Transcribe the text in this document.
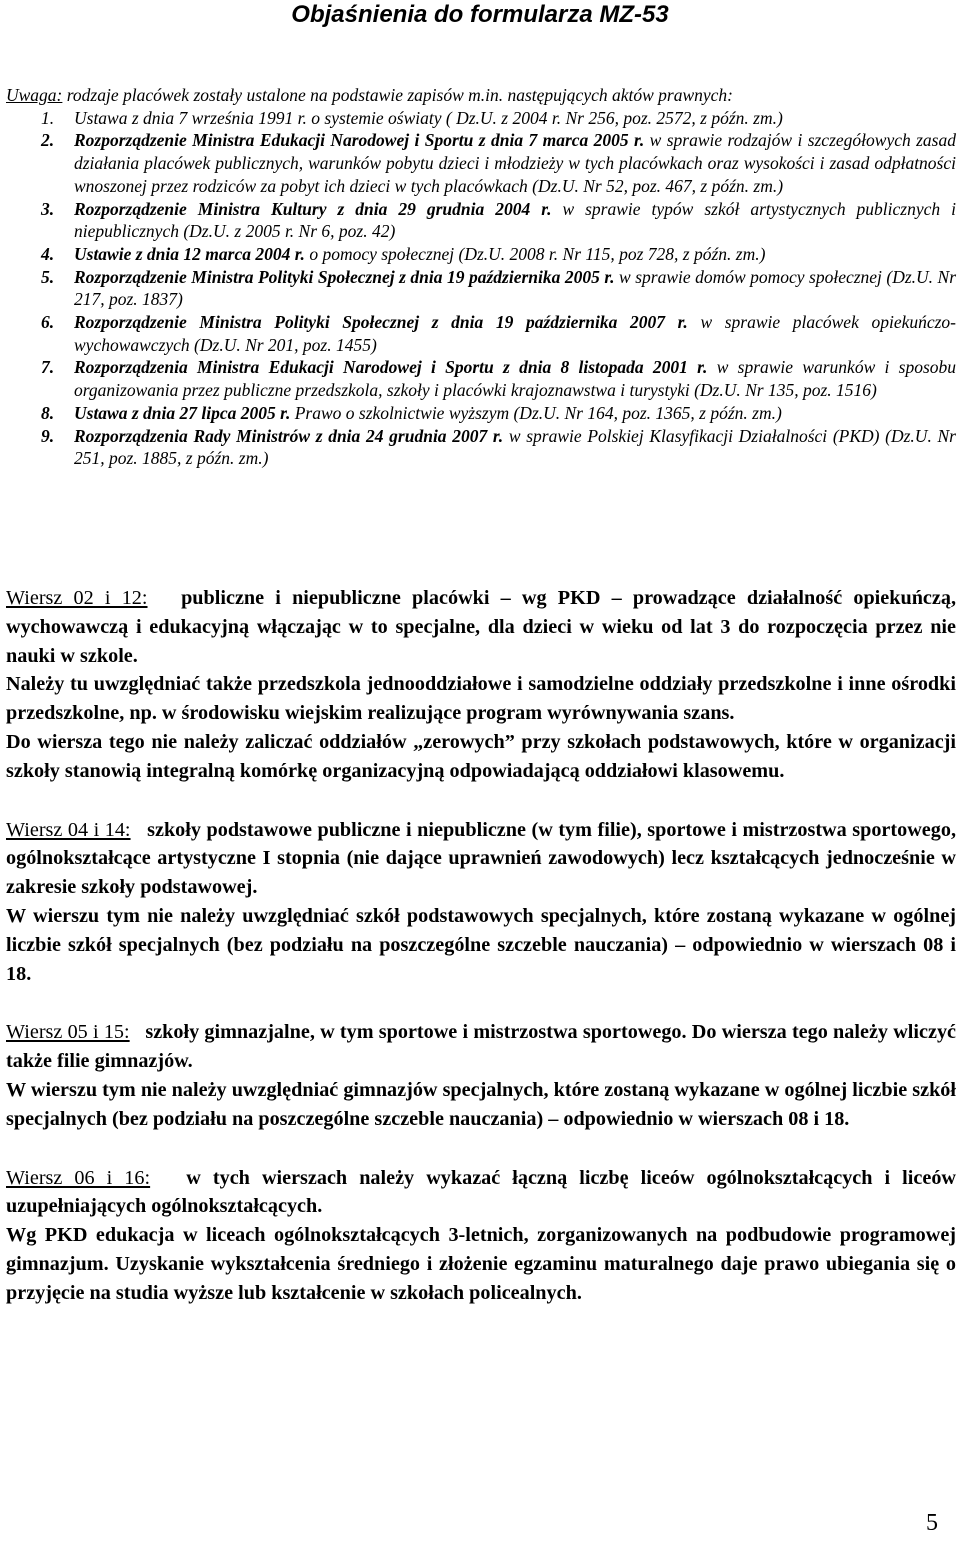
Objaśnienia do formularza MZ-53
Uwaga: rodzaje placówek zostały ustalone na podstawie zapisów m.in. następujących aktów prawnych:
1.	Ustawa z dnia 7 września 1991 r. o systemie oświaty ( Dz.U. z 2004 r. Nr 256, poz. 2572, z późn. zm.)
2.	Rozporządzenie Ministra Edukacji Narodowej i Sportu z dnia 7 marca 2005 r. w sprawie rodzajów i szczegółowych zasad działania placówek publicznych, warunków pobytu dzieci i młodzieży w tych placówkach oraz wysokości i zasad odpłatności wnoszonej przez rodziców za pobyt ich dzieci w tych placówkach (Dz.U. Nr 52, poz. 467, z późn. zm.)
3.	Rozporządzenie Ministra Kultury z dnia 29 grudnia 2004 r. w sprawie typów szkół artystycznych publicznych i niepublicznych (Dz.U. z 2005 r. Nr 6, poz. 42)
4.	Ustawie z dnia 12 marca 2004 r. o pomocy społecznej (Dz.U. 2008 r. Nr 115, poz 728, z późn. zm.)
5.	Rozporządzenie Ministra Polityki Społecznej z dnia 19 października 2005 r. w sprawie domów pomocy społecznej (Dz.U. Nr 217, poz. 1837)
6.	Rozporządzenie Ministra Polityki Społecznej z dnia 19 października 2007 r. w sprawie placówek opiekuńczo-wychowawczych (Dz.U. Nr 201, poz. 1455)
7.	Rozporządzenia Ministra Edukacji Narodowej i Sportu z dnia 8 listopada 2001 r. w sprawie warunków i sposobu organizowania przez publiczne przedszkola, szkoły i placówki krajoznawstwa i turystyki (Dz.U. Nr 135, poz. 1516)
8.	Ustawa z dnia 27 lipca 2005 r. Prawo o szkolnictwie wyższym (Dz.U. Nr 164, poz. 1365, z późn. zm.)
9.	Rozporządzenia Rady Ministrów z dnia 24 grudnia 2007 r. w sprawie Polskiej Klasyfikacji Działalności (PKD) (Dz.U. Nr 251, poz. 1885, z późn. zm.)

Wiersz 02 i 12: publiczne i niepubliczne placówki – wg PKD – prowadzące działalność opiekuńczą, wychowawczą i edukacyjną włączając w to specjalne, dla dzieci w wieku od lat 3 do rozpoczęcia przez nie nauki w szkole.

Należy tu uwzględniać także przedszkola jednooddziałowe i samodzielne oddziały przedszkolne i inne ośrodki przedszkolne, np. w środowisku wiejskim realizujące program wyrównywania szans.

Do wiersza tego nie należy zaliczać oddziałów „zerowych” przy szkołach podstawowych, które w organizacji szkoły stanowią integralną komórkę organizacyjną odpowiadającą oddziałowi klasowemu.

Wiersz 04 i 14: szkoły podstawowe publiczne i niepubliczne (w tym filie), sportowe i mistrzostwa sportowego, ogólnokształcące artystyczne I stopnia (nie dające uprawnień zawodowych) lecz kształcących jednocześnie w zakresie szkoły podstawowej.

W wierszu tym nie należy uwzględniać szkół podstawowych specjalnych, które zostaną wykazane w ogólnej liczbie szkół specjalnych (bez podziału na poszczególne szczeble nauczania) – odpowiednio w wierszach 08 i 18.

Wiersz 05 i 15: szkoły gimnazjalne, w tym sportowe i mistrzostwa sportowego. Do wiersza tego należy wliczyć także filie gimnazjów.

W wierszu tym nie należy uwzględniać gimnazjów specjalnych, które zostaną wykazane w ogólnej liczbie szkół specjalnych (bez podziału na poszczególne szczeble nauczania) – odpowiednio w wierszach 08 i 18.

Wiersz 06 i 16: w tych wierszach należy wykazać łączną liczbę liceów ogólnokształcących i liceów uzupełniających ogólnokształcących.

Wg PKD edukacja w liceach ogólnokształcących 3-letnich, zorganizowanych na podbudowie programowej gimnazjum. Uzyskanie wykształcenia średniego i złożenie egzaminu maturalnego daje prawo ubiegania się o przyjęcie na studia wyższe lub kształcenie w szkołach policealnych.

5
